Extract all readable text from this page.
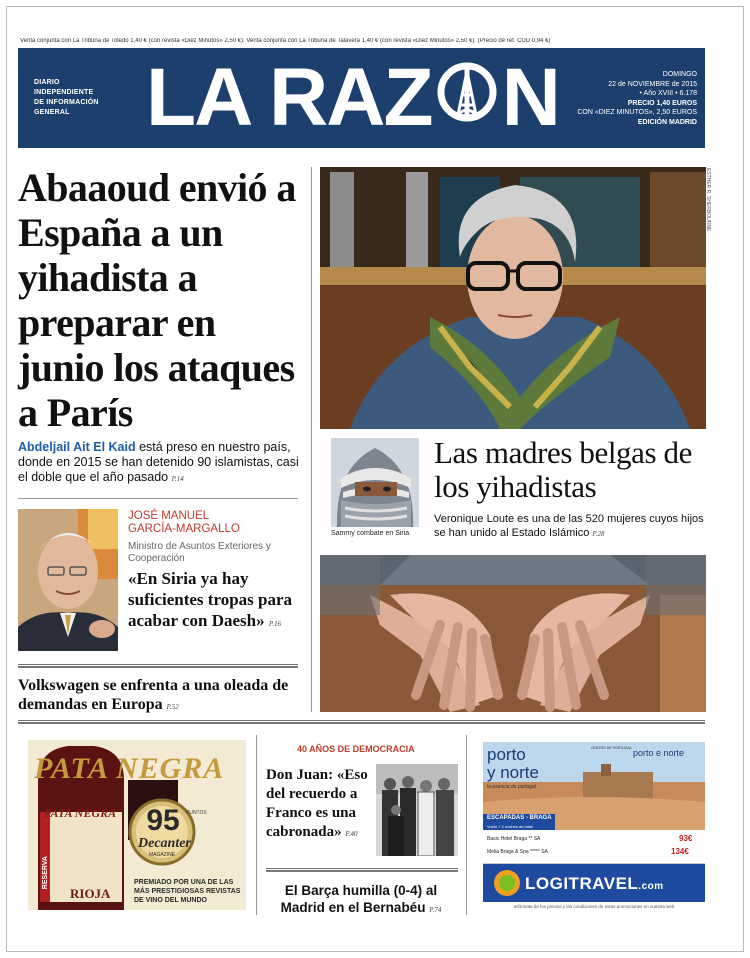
Venta conjunta con La Tribuna de Toledo 1,40 € (con revista «Diez Minutos» 2,50 €). Venta conjunta con La Tribuna de Talavera 1,40 € (con revista «Diez Minutos» 2,50 €). (Precio de ref. CUD 0,94 €)
DIARIO
INDEPENDIENTE
DE INFORMACIÓN
GENERAL LA RAZ N	DOMINGO
22 de NOVIEMBRE de 2015
• Año XVIII • 6.178
PRECIO 1,40 EUROS
CON «DIEZ MINUTOS», 2,50 EUROS
EDICIÓN MADRID
Abaaoud envió a España a un yihadista a preparar en junio los ataques a París

Abdeljail Ait El Kaid está preso en nuestro país, donde en 2015 se han detenido 90 islamistas, casi el doble que el año pasado P.14

JOSÉ MANUEL
GARCÍA-MARGALLO
Ministro de Asuntos Exteriores y Cooperación
«En Siria ya hay suficientes tropas para acabar con Daesh» P.16
Volkswagen se enfrenta a una oleada de demandas en Europa P.52
ESTHER R. SHERBOURNE
Sammy combate en Siria
Las madres belgas de los yihadistas

Veronique Loute es una de las 520 mujeres cuyos hijos se han unido al Estado Islámico P.28

PATA NEGRA
PATA NEGRA
RESERVA
RIOJA
95	PUNTOS
Decanter
MAGAZINE
PREMIADO POR UNA DE LAS
MÁS PRESTIGIOSAS REVISTAS
DE VINO DEL MUNDO
40 AÑOS DE DEMOCRACIA
Don Juan: «Eso del recuerdo a Franco es una cabronada» P.40
El Barça humilla (0-4) al Madrid en el Bernabéu P.74
porto
y norte
la esencia de portugal
CENTRO DE PORTUGAL porto e norte
ESCAPADAS - BRAGA
Vuelo + 2 noches de hotel
Basic Hotel Braga ** SA	93€
Melia Braga & Spa ***** SA	134€
LOGITRAVEL.com
Infórmate de los precios y las condiciones de estas promociones en nuestra web
